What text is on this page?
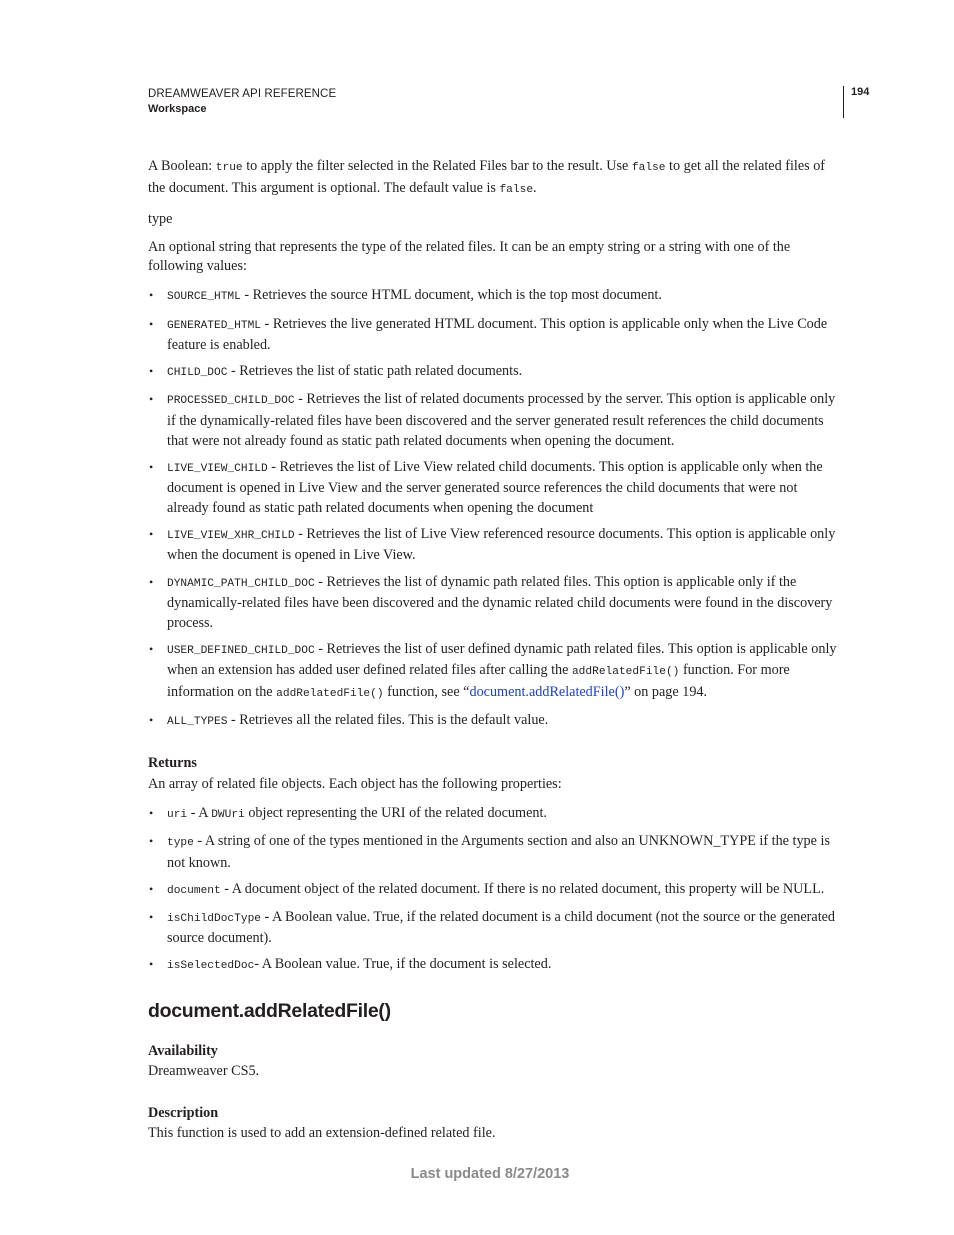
DREAMWEAVER API REFERENCE
Workspace
194

A Boolean: true to apply the filter selected in the Related Files bar to the result. Use false to get all the related files of the document. This argument is optional. The default value is false.

type

An optional string that represents the type of the related files. It can be an empty string or a string with one of the following values:

• SOURCE_HTML - Retrieves the source HTML document, which is the top most document.
• GENERATED_HTML - Retrieves the live generated HTML document. This option is applicable only when the Live Code feature is enabled.
• CHILD_DOC - Retrieves the list of static path related documents.
• PROCESSED_CHILD_DOC - Retrieves the list of related documents processed by the server. This option is applicable only if the dynamically-related files have been discovered and the server generated result references the child documents that were not already found as static path related documents when opening the document.
• LIVE_VIEW_CHILD - Retrieves the list of Live View related child documents. This option is applicable only when the document is opened in Live View and the server generated source references the child documents that were not already found as static path related documents when opening the document
• LIVE_VIEW_XHR_CHILD - Retrieves the list of Live View referenced resource documents. This option is applicable only when the document is opened in Live View.
• DYNAMIC_PATH_CHILD_DOC - Retrieves the list of dynamic path related files. This option is applicable only if the dynamically-related files have been discovered and the dynamic related child documents were found in the discovery process.
• USER_DEFINED_CHILD_DOC - Retrieves the list of user defined dynamic path related files. This option is applicable only when an extension has added user defined related files after calling the addRelatedFile() function. For more information on the addRelatedFile() function, see “document.addRelatedFile()” on page 194.
• ALL_TYPES - Retrieves all the related files. This is the default value.

Returns

An array of related file objects. Each object has the following properties:

• uri - A DWUri object representing the URI of the related document.
• type - A string of one of the types mentioned in the Arguments section and also an UNKNOWN_TYPE if the type is not known.
• document - A document object of the related document. If there is no related document, this property will be NULL.
• isChildDocType - A Boolean value. True, if the related document is a child document (not the source or the generated source document).
• isSelectedDoc- A Boolean value. True, if the document is selected.

document.addRelatedFile()

Availability

Dreamweaver CS5.

Description

This function is used to add an extension-defined related file.

Last updated 8/27/2013
